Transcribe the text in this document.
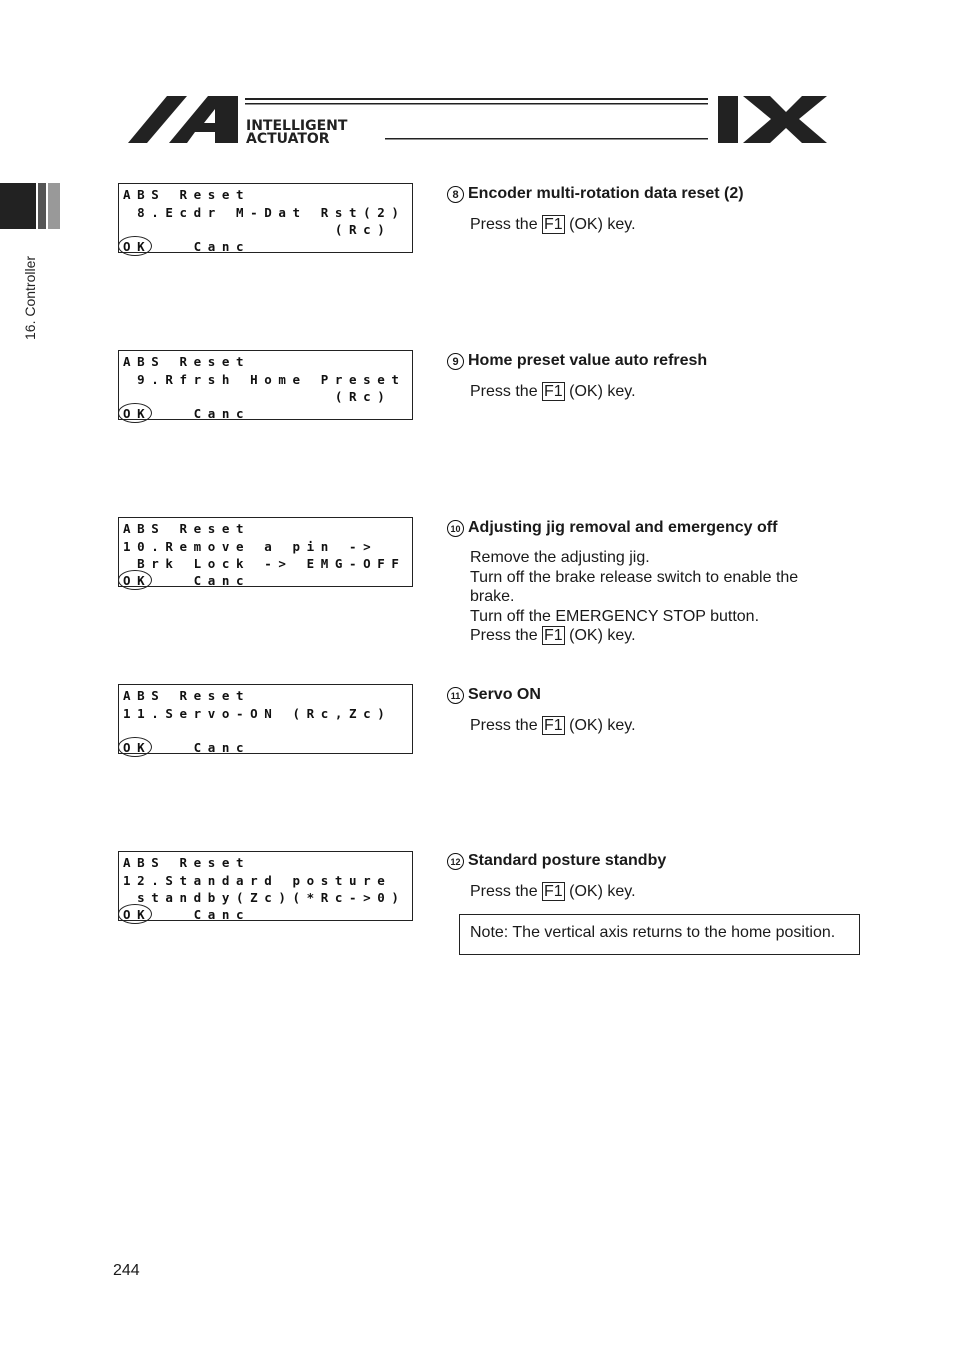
INTELLIGENT
ACTUATOR
16. Controller
ABS Reset
8.Ecdr M-Dat Rst(2)
(Rc)
OK   Canc
8 Encoder multi-rotation data reset (2)
Press the F1 (OK) key.
ABS Reset
9.Rfrsh Home Preset
(Rc)
OK   Canc
9 Home preset value auto refresh
Press the F1 (OK) key.
ABS Reset
10.Remove a pin ->
Brk Lock -> EMG-OFF
OK   Canc
10 Adjusting jig removal and emergency off
Remove the adjusting jig.
Turn off the brake release switch to enable the
brake.
Turn off the EMERGENCY STOP button.
Press the F1 (OK) key.
ABS Reset
11.Servo-ON (Rc,Zc)
OK   Canc
11 Servo ON
Press the F1 (OK) key.
ABS Reset
12.Standard posture
standby(Zc)(*Rc->0)
OK   Canc
12 Standard posture standby
Press the F1 (OK) key.
Note: The vertical axis returns to the home position.
244
